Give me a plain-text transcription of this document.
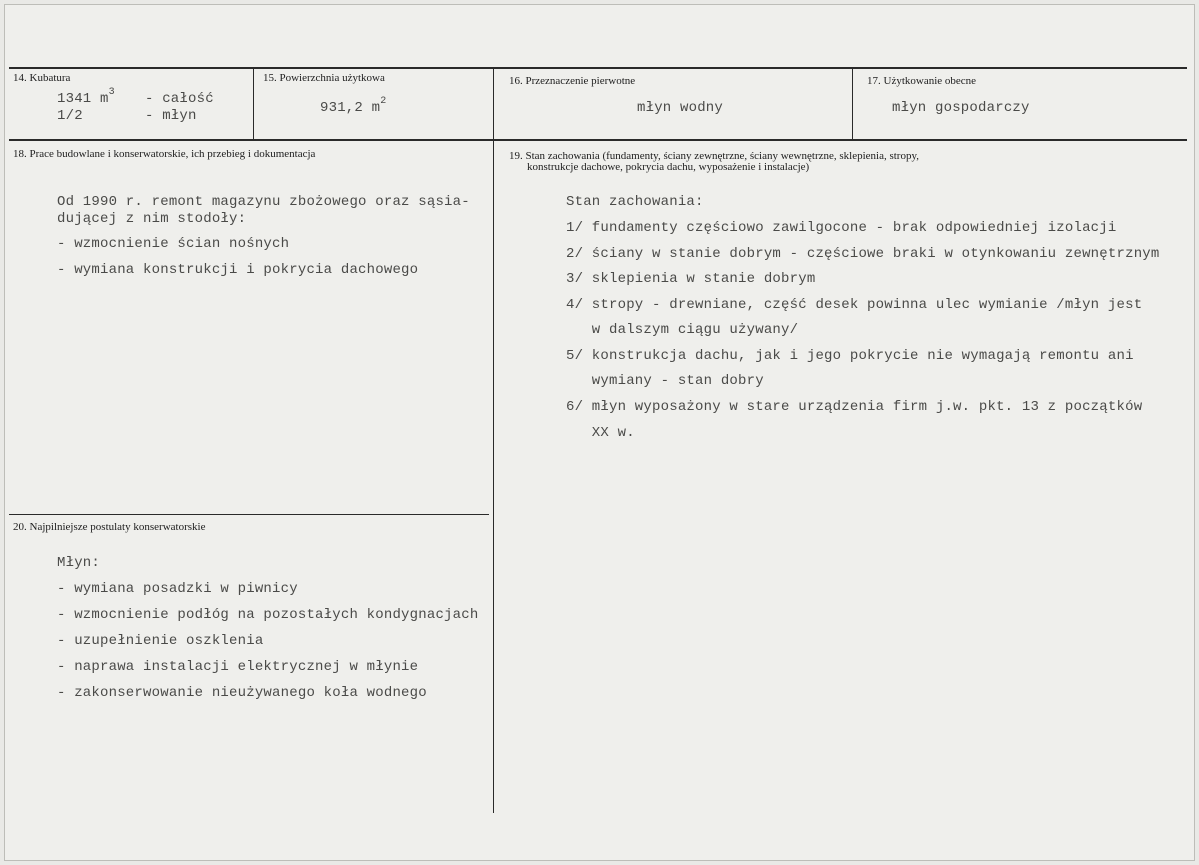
14. Kubatura
1341 $m^3$ - całość
1/2	- młyn
15. Powierzchnia użytkowa
931,2 $m^2$
16. Przeznaczenie pierwotne
młyn wodny
17. Użytkowanie obecne
młyn gospodarczy
18. Prace budowlane i konserwatorskie, ich przebieg i dokumentacja
Od 1990 r. remont magazynu zbożowego oraz sąsia-
dującej z nim stodoły:
- wzmocnienie ścian nośnych
- wymiana konstrukcji i pokrycia dachowego
19. Stan zachowania (fundamenty, ściany zewnętrzne, ściany wewnętrzne, sklepienia, stropy,
konstrukcje dachowe, pokrycia dachu, wyposażenie i instalacje)
Stan zachowania:
1/ fundamenty częściowo zawilgocone - brak odpowiedniej izolacji
2/ ściany w stanie dobrym - częściowe braki w otynkowaniu zewnętrznym
3/ sklepienia w stanie dobrym
4/ stropy - drewniane, część desek powinna ulec wymianie /młyn jest
w dalszym ciągu używany/
5/ konstrukcja dachu, jak i jego pokrycie nie wymagają remontu ani
wymiany - stan dobry
6/ młyn wyposażony w stare urządzenia firm j.w. pkt. 13 z początków
XX w.
20. Najpilniejsze postulaty konserwatorskie
Młyn:
- wymiana posadzki w piwnicy
- wzmocnienie podłóg na pozostałych kondygnacjach
- uzupełnienie oszklenia
- naprawa instalacji elektrycznej w młynie
- zakonserwowanie nieużywanego koła wodnego
